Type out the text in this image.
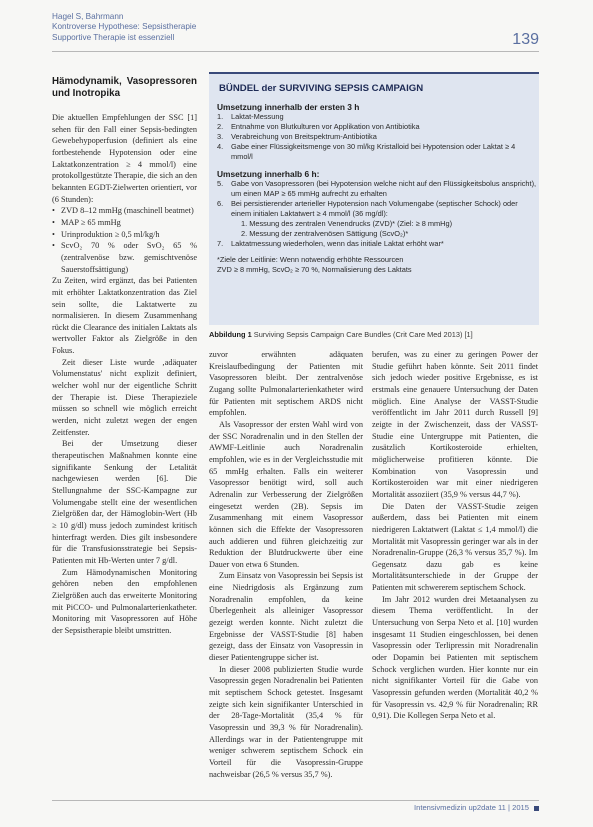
Hagel S, Bahrmann
Kontroverse Hypothese: Sepsistherapie
Supportive Therapie ist essenziell	139
Hämodynamik, Vasopressoren und Inotropika

Die aktuellen Empfehlungen der SSC [1] sehen für den Fall einer Sepsis-bedingten Gewebehypoperfusion (definiert als eine fortbestehende Hypotension oder eine Laktatkonzentration ≥ 4 mmol/l) eine protokollgestützte Therapie, die sich an den bekannten EGDT-Zielwerten orientiert, vor (6 Stunden):

• ZVD 8–12 mmHg (maschinell beatmet)
• MAP ≥ 65 mmHg
• Urinproduktion ≥ 0,5 ml/kg/h
• ScvO₂ 70 % oder SvO₂ 65 % (zentralvenöse bzw. gemischtvenöse Sauerstoffsättigung)

Zu Zeiten, wird ergänzt, das bei Patienten mit erhöhter Laktatkonzentration das Ziel sein sollte, die Laktatwerte zu normalisieren. In diesem Zusammenhang rückt die Clearance des initialen Laktats als wertvoller Faktor als Zielgröße in den Fokus.

Zeit dieser Liste wurde ‚adäquater Volumenstatus' nicht explizit definiert, welcher wohl nur der eigentliche Schritt der Therapie ist. Diese Therapieziele müssen so schnell wie möglich erreicht werden, nicht zuletzt wegen der engen Zeitfenster.

Bei der Umsetzung dieser therapeutischen Maßnahmen konnte eine signifikante Senkung der Letalität nachgewiesen werden [6]. Die Stellungnahme der SSC-Kampagne zur Volumengabe stellt eine der wesentlichen Zielgrößen dar, der Hämoglobin-Wert (Hb ≥ 10 g/dl) muss jedoch zumindest kritisch hinterfragt werden. Dies gilt insbesondere für die Transfusionsstrategie bei Sepsis-Patienten mit Hb-Werten unter 7 g/dl.

Zum Hämodynamischen Monitoring gehören neben den empfohlenen Zielgrößen auch das erweiterte Monitoring mit PiCCO- und Pulmonalarterienkatheter. Monitoring mit Vasopressoren auf Höhe der Sepsistherapie bleibt umstritten.

BÜNDEL der SURVIVING SEPSIS CAMPAIGN
Umsetzung innerhalb der ersten 3 h
1. Laktat-Messung
2. Entnahme von Blutkulturen vor Applikation von Antibiotika
3. Verabreichung von Breitspektrum-Antibiotika
4. Gabe einer Flüssigkeitsmenge von 30 ml/kg Kristalloid bei Hypotension oder Laktat ≥ 4 mmol/l
Umsetzung innerhalb 6 h:
5. Gabe von Vasopressoren (bei Hypotension welche nicht auf den Flüssigkeitsbolus anspricht), um einen MAP ≥ 65 mmHg aufrecht zu erhalten
6. Bei persistierender arterieller Hypotension nach Volumengabe (septischer Schock) oder einem initialen Laktatwert ≥ 4 mmol/l (36 mg/dl):
1. Messung des zentralen Venendrucks (ZVD)* (Ziel: ≥ 8 mmHg)
2. Messung der zentralvenösen Sättigung (ScvO₂)*
7. Laktatmessung wiederholen, wenn das initiale Laktat erhöht war*
*Ziele der Leitlinie: Wenn notwendig erhöhte Ressourcen
ZVD ≥ 8 mmHg, ScvO₂ ≥ 70 %, Normalisierung des Laktats
Abbildung 1 Surviving Sepsis Campaign Care Bundles (Crit Care Med 2013) [1]

zuvor erwähnten adäquaten Kreislaufbedingung der Patienten mit Vasopressoren bleibt. Der zentralvenöse Zugang sollte Pulmonalarterienkatheter wird für Patienten mit septischem ARDS nicht empfohlen.

Als Vasopressor der ersten Wahl wird von der SSC Noradrenalin und in den Stellen der AWMF-Leitlinie auch Noradrenalin empfohlen, wie es in der Vergleichsstudie mit 65 mmHg erhalten. Falls ein weiterer Vasopressor benötigt wird, soll auch Adrenalin zur Verbesserung der Zielgrößen eingesetzt werden (2B). Sepsis im Zusammenhang mit einem Vasopressor können sich die Effekte der Vasopressoren auch addieren und führen gleichzeitig zur Reduktion der Blutdruckwerte über eine Dauer von etwa 6 Stunden.

Zum Einsatz von Vasopressin bei Sepsis ist eine Niedrigdosis als Ergänzung zum Noradrenalin empfohlen, da keine Überlegenheit als alleiniger Vasopressor gezeigt werden konnte. Nicht zuletzt die Ergebnisse der VASST-Studie [8] haben gezeigt, dass der Einsatz von Vasopressin in dieser Patientengruppe sicher ist.

In dieser 2008 publizierten Studie wurde Vasopressin gegen Noradrenalin bei Patienten mit septischem Schock getestet. Insgesamt zeigte sich kein signifikanter Unterschied in der 28-Tage-Mortalität (35,4 % für Vasopressin und 39,3 % für Noradrenalin). Allerdings war in der Patientengruppe mit weniger schwerem septischem Schock ein Vorteil für die Vasopressin-Gruppe nachweisbar (26,5 % versus 35,7 %).

berufen, was zu einer zu geringen Power der Studie geführt haben könnte. Seit 2011 findet sich jedoch wieder positive Ergebnisse, es ist erstmals eine genauere Untersuchung der Daten möglich. Eine Analyse der VASST-Studie veröffentlicht im Jahr 2011 durch Russell [9] zeigte in der Zwischenzeit, dass der VASST-Studie eine Untergruppe mit Patienten, die zusätzlich Kortikosteroide erhielten, möglicherweise profitieren könnte. Die Kombination von Vasopressin und Kortikosteroiden war mit einer niedrigeren Mortalität assoziiert (35,9 % versus 44,7 %).

Die Daten der VASST-Studie zeigen außerdem, dass bei Patienten mit einem niedrigeren Laktatwert (Laktat ≤ 1,4 mmol/l) die Mortalität mit Vasopressin geringer war als in der Noradrenalin-Gruppe (26,3 % versus 35,7 %). Im Gegensatz dazu gab es keine Mortalitätsunterschiede in der Gruppe der Patienten mit schwererem septischem Schock.

Im Jahr 2012 wurden drei Metaanalysen zu diesem Thema veröffentlicht. In der Untersuchung von Serpa Neto et al. [10] wurden insgesamt 11 Studien eingeschlossen, bei denen Vasopressin oder Terlipressin mit Noradrenalin oder Dopamin bei Patienten mit septischem Schock verglichen wurden. Hier konnte nur ein nicht signifikanter Vorteil für die Gabe von Vasopressin gefunden werden (Mortalität 40,2 % für Vasopressin vs. 42,9 % für Noradrenalin; RR 0,91). Die Kollegen Serpa Neto et al.

Intensivmedizin up2date 11 | 2015
